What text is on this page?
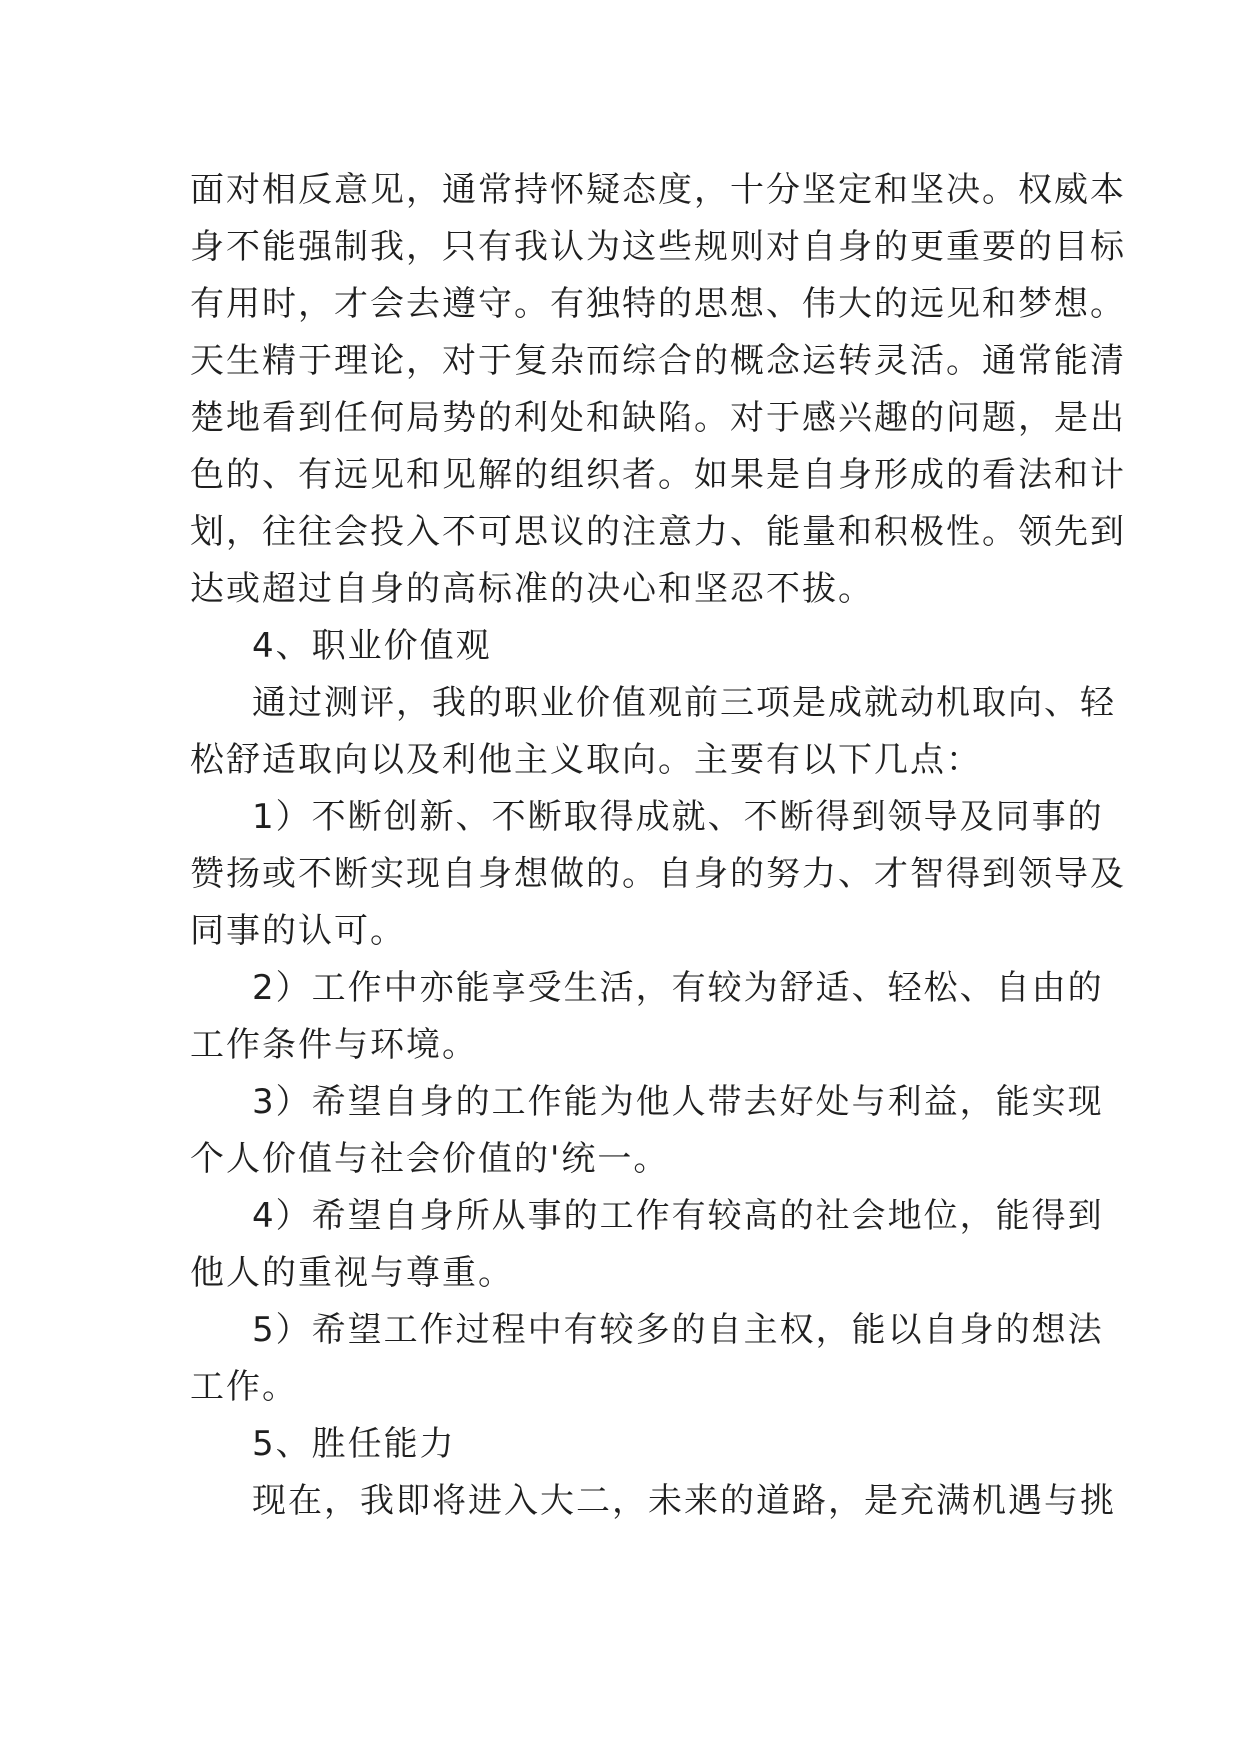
面对相反意见，通常持怀疑态度，十分坚定和坚决。权威本
身不能强制我，只有我认为这些规则对自身的更重要的目标
有用时，才会去遵守。有独特的思想、伟大的远见和梦想。
天生精于理论，对于复杂而综合的概念运转灵活。通常能清
楚地看到任何局势的利处和缺陷。对于感兴趣的问题，是出
色的、有远见和见解的组织者。如果是自身形成的看法和计
划，往往会投入不可思议的注意力、能量和积极性。领先到
达或超过自身的高标准的决心和坚忍不拔。
4、职业价值观
通过测评，我的职业价值观前三项是成就动机取向、轻
松舒适取向以及利他主义取向。主要有以下几点：
1）不断创新、不断取得成就、不断得到领导及同事的
赞扬或不断实现自身想做的。自身的努力、才智得到领导及
同事的认可。
2）工作中亦能享受生活，有较为舒适、轻松、自由的
工作条件与环境。
3）希望自身的工作能为他人带去好处与利益，能实现
个人价值与社会价值的'统一。
4）希望自身所从事的工作有较高的社会地位，能得到
他人的重视与尊重。
5）希望工作过程中有较多的自主权，能以自身的想法
工作。
5、胜任能力
现在，我即将进入大二，未来的道路，是充满机遇与挑
